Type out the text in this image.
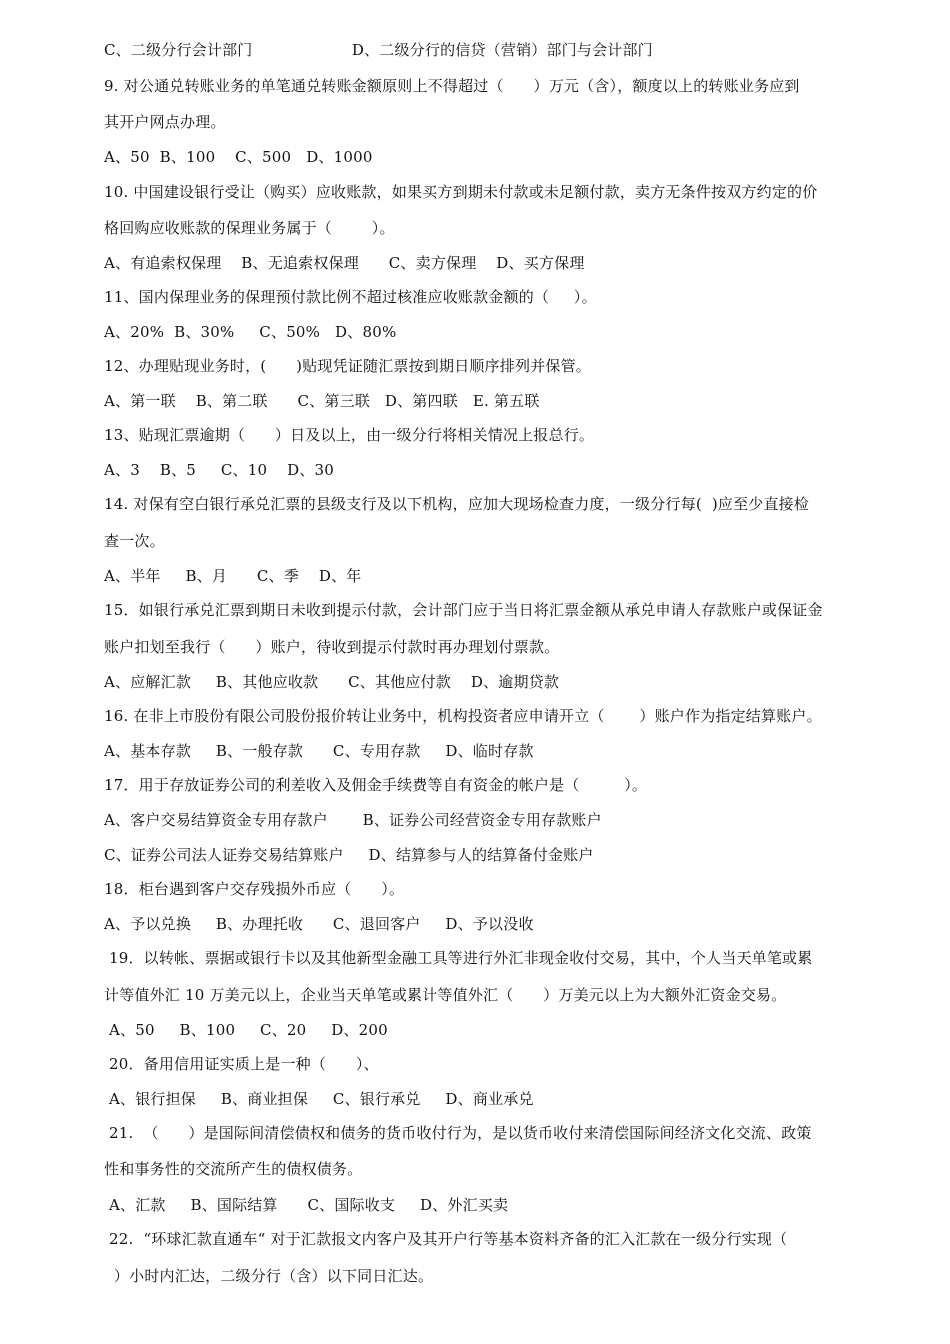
C、二级分行会计部门                    D、二级分行的信贷（营销）部门与会计部门
9. 对公通兑转账业务的单笔通兑转账金额原则上不得超过（      ）万元（含），额度以上的转账业务应到
其开户网点办理。
A、50  B、100    C、500   D、1000
10. 中国建设银行受让（购买）应收账款，如果买方到期未付款或未足额付款，卖方无条件按双方约定的价
格回购应收账款的保理业务属于（        ）。
A、有追索权保理    B、无追索权保理      C、卖方保理    D、买方保理
11、国内保理业务的保理预付款比例不超过核准应收账款金额的（     ）。
A、20%  B、30%     C、50%   D、80%
12、办理贴现业务时，(      )贴现凭证随汇票按到期日顺序排列并保管。
A、第一联    B、第二联      C、第三联   D、第四联   E. 第五联
13、贴现汇票逾期（      ）日及以上，由一级分行将相关情况上报总行。
A、3    B、5     C、10    D、30
14. 对保有空白银行承兑汇票的县级支行及以下机构，应加大现场检查力度，一级分行每(  )应至少直接检
查一次。
A、半年     B、月      C、季    D、年
15．如银行承兑汇票到期日未收到提示付款，会计部门应于当日将汇票金额从承兑申请人存款账户或保证金
账户扣划至我行（      ）账户，待收到提示付款时再办理划付票款。
A、应解汇款     B、其他应收款      C、其他应付款    D、逾期贷款
16. 在非上市股份有限公司股份报价转让业务中，机构投资者应申请开立（       ）账户作为指定结算账户。
A、基本存款     B、一般存款      C、专用存款     D、临时存款
17．用于存放证券公司的利差收入及佣金手续费等自有资金的帐户是（         ）。
A、客户交易结算资金专用存款户       B、证券公司经营资金专用存款账户
C、证券公司法人证券交易结算账户     D、结算参与人的结算备付金账户
18．柜台遇到客户交存残损外币应（      ）。
A、予以兑换     B、办理托收      C、退回客户     D、予以没收
19．以转帐、票据或银行卡以及其他新型金融工具等进行外汇非现金收付交易，其中，个人当天单笔或累
计等值外汇 10 万美元以上，企业当天单笔或累计等值外汇（      ）万美元以上为大额外汇资金交易。
A、50     B、100     C、20     D、200
20．备用信用证实质上是一种（      ）、
A、银行担保     B、商业担保     C、银行承兑     D、商业承兑
21.  （      ）是国际间清偿债权和债务的货币收付行为，是以货币收付来清偿国际间经济文化交流、政策
性和事务性的交流所产生的债权债务。
A、汇款     B、国际结算      C、国际收支     D、外汇买卖
22.  “环球汇款直通车“ 对于汇款报文内客户及其开户行等基本资料齐备的汇入汇款在一级分行实现（
）小时内汇达，二级分行（含）以下同日汇达。
